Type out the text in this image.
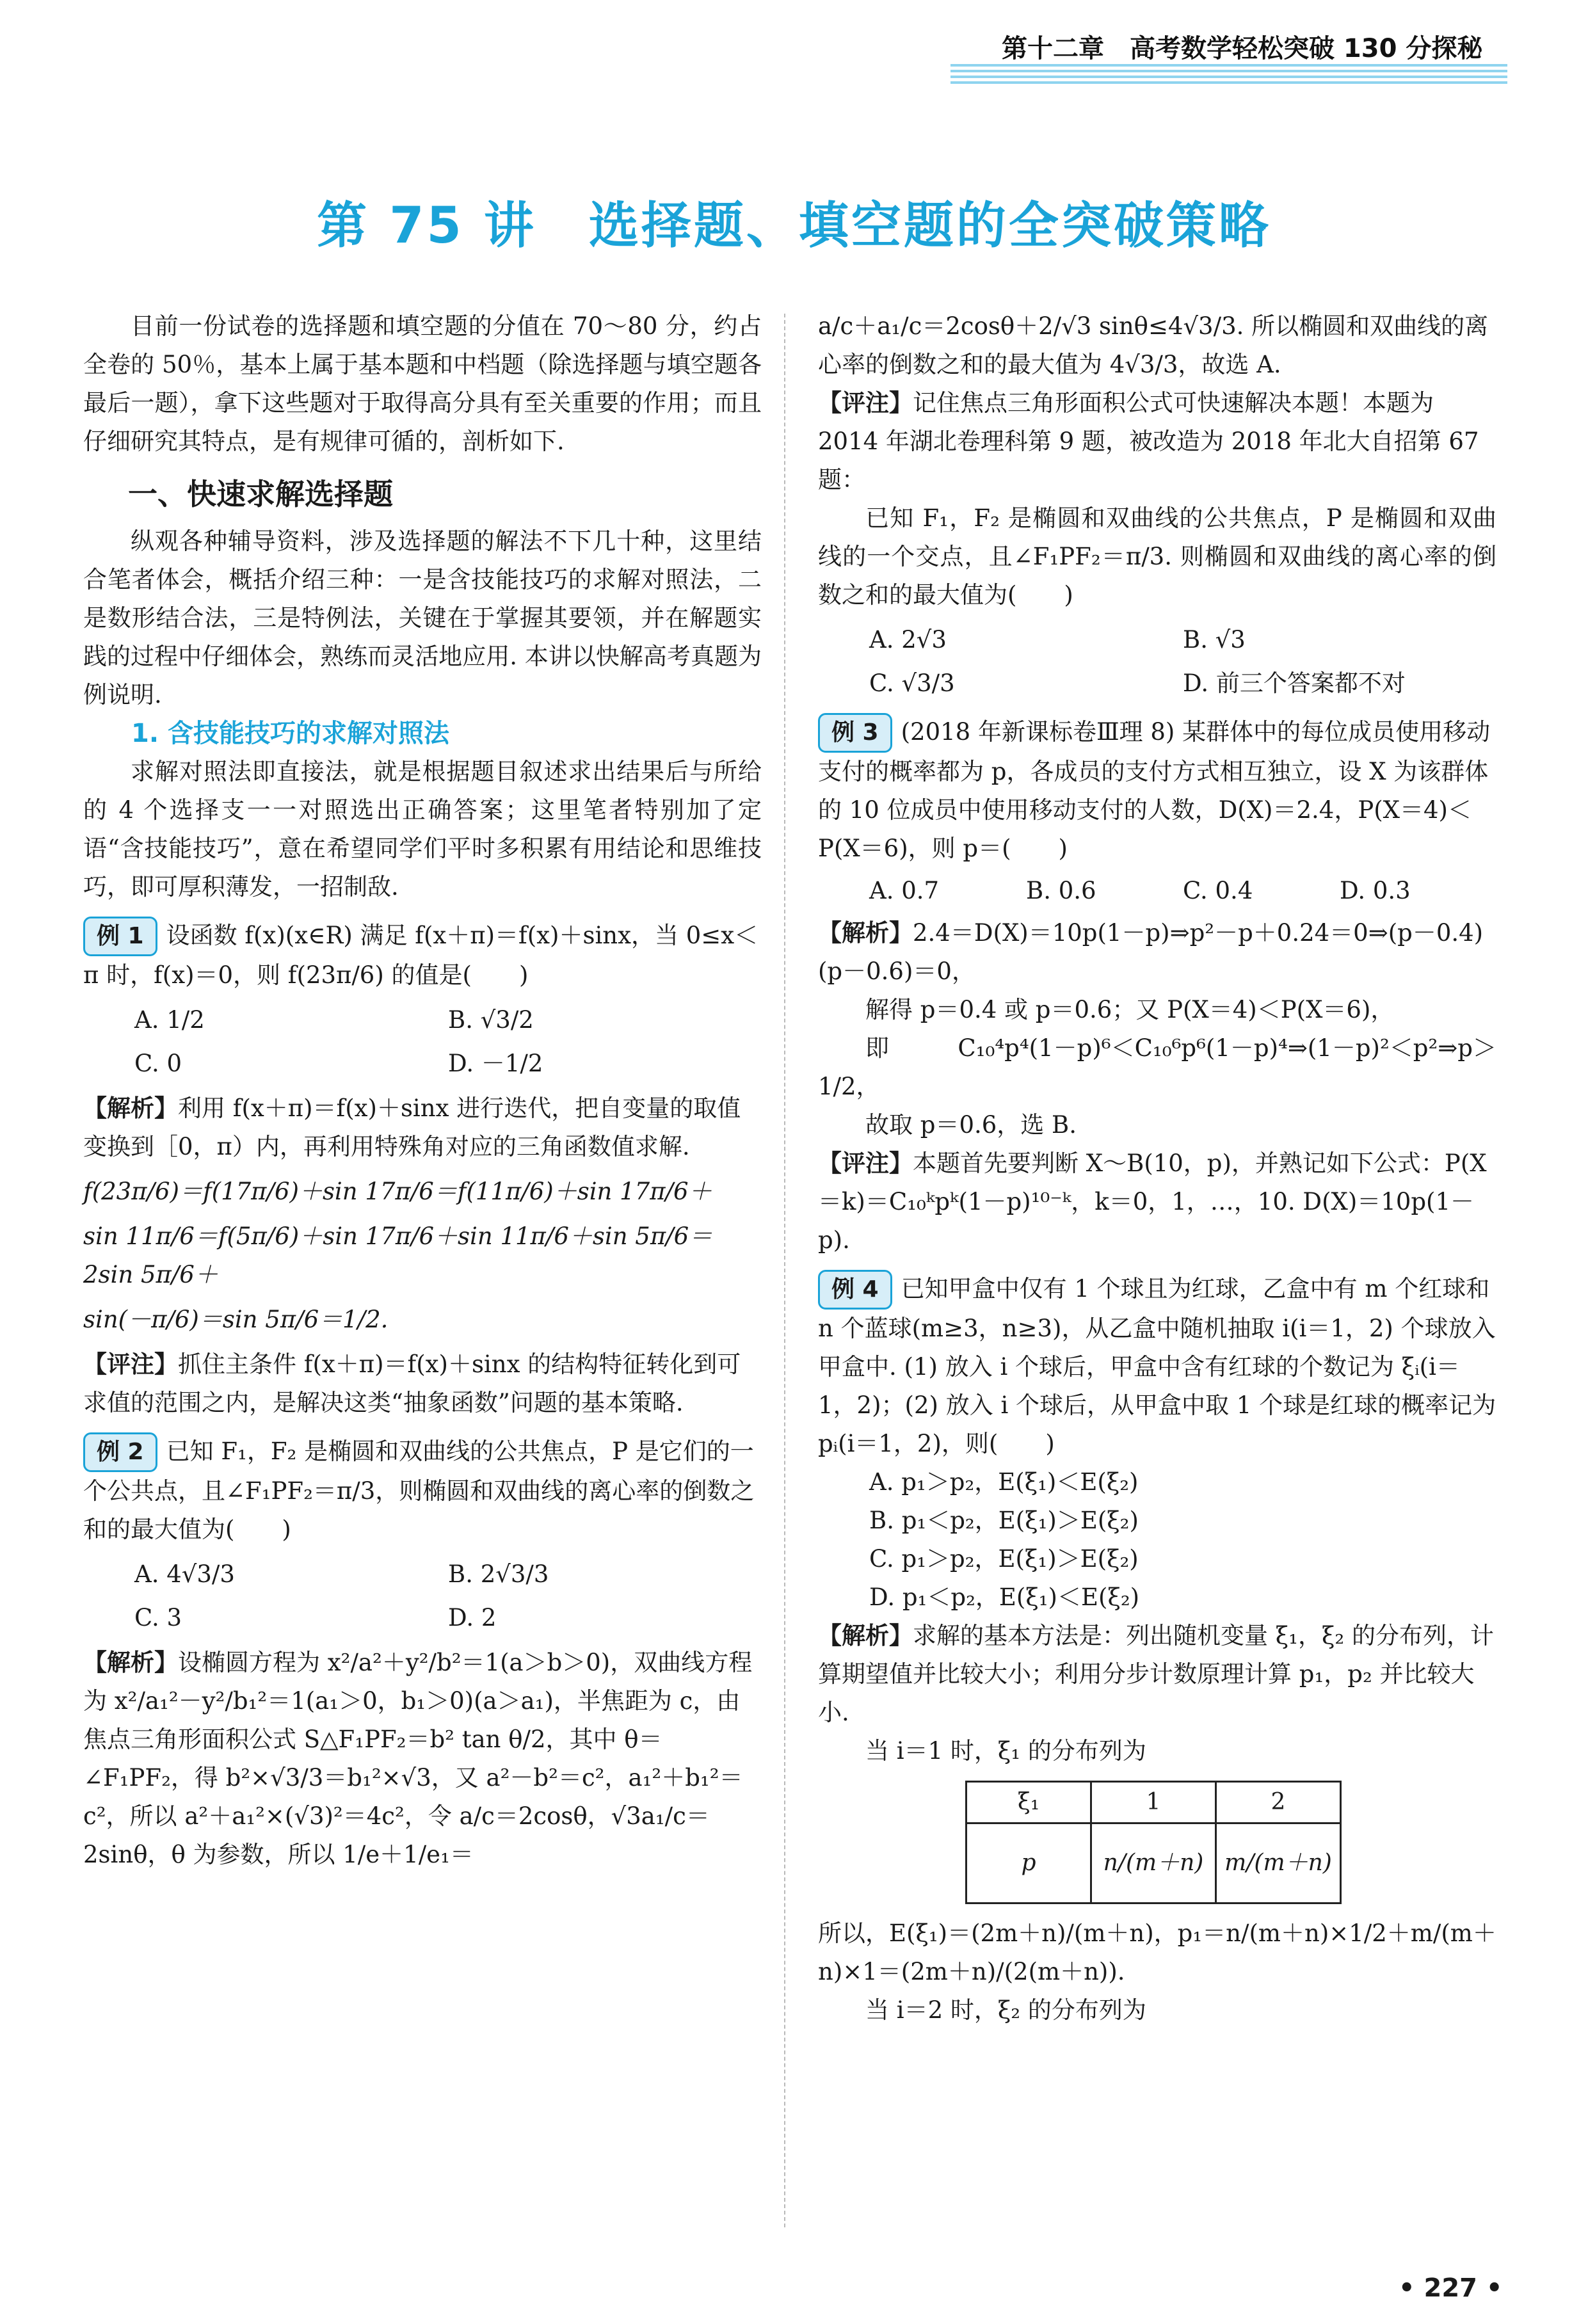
第十二章　高考数学轻松突破 130 分探秘
第 75 讲　选择题、填空题的全突破策略

目前一份试卷的选择题和填空题的分值在 70～80 分，约占全卷的 50％，基本上属于基本题和中档题（除选择题与填空题各最后一题），拿下这些题对于取得高分具有至关重要的作用；而且仔细研究其特点，是有规律可循的，剖析如下.

一、快速求解选择题

纵观各种辅导资料，涉及选择题的解法不下几十种，这里结合笔者体会，概括介绍三种：一是含技能技巧的求解对照法，二是数形结合法，三是特例法，关键在于掌握其要领，并在解题实践的过程中仔细体会，熟练而灵活地应用. 本讲以快解高考真题为例说明.

1. 含技能技巧的求解对照法

求解对照法即直接法，就是根据题目叙述求出结果后与所给的 4 个选择支一一对照选出正确答案；这里笔者特别加了定语“含技能技巧”，意在希望同学们平时多积累有用结论和思维技巧，即可厚积薄发，一招制敌.

例 1 设函数 f(x)(x∈R) 满足 f(x＋π)＝f(x)＋sinx，当 0≤x＜π 时，f(x)＝0，则 f(23π/6) 的值是(　　)
A. 1/2	B. √3/2
C. 0	D. －1/2

【解析】利用 f(x＋π)＝f(x)＋sinx 进行迭代，把自变量的取值变换到［0，π）内，再利用特殊角对应的三角函数值求解.

f(23π/6)＝f(17π/6)＋sin 17π/6＝f(11π/6)＋sin 17π/6＋

sin 11π/6＝f(5π/6)＋sin 17π/6＋sin 11π/6＋sin 5π/6＝2sin 5π/6＋

sin(－π/6)＝sin 5π/6＝1/2.

【评注】抓住主条件 f(x＋π)＝f(x)＋sinx 的结构特征转化到可求值的范围之内，是解决这类“抽象函数”问题的基本策略.

例 2 已知 F₁，F₂ 是椭圆和双曲线的公共焦点，P 是它们的一个公共点，且∠F₁PF₂＝π/3，则椭圆和双曲线的离心率的倒数之和的最大值为(　　)
A. 4√3/3	B. 2√3/3
C. 3	D. 2

【解析】设椭圆方程为 x²/a²＋y²/b²＝1(a＞b＞0)，双曲线方程为 x²/a₁²－y²/b₁²＝1(a₁＞0，b₁＞0)(a＞a₁)，半焦距为 c，由焦点三角形面积公式 S△F₁PF₂＝b² tan θ/2，其中 θ＝∠F₁PF₂，得 b²×√3/3＝b₁²×√3，又 a²－b²＝c²，a₁²＋b₁²＝c²，所以 a²＋a₁²×(√3)²＝4c²，令 a/c＝2cosθ，√3a₁/c＝2sinθ，θ 为参数，所以 1/e＋1/e₁＝

a/c＋a₁/c＝2cosθ＋2/√3 sinθ≤4√3/3. 所以椭圆和双曲线的离心率的倒数之和的最大值为 4√3/3，故选 A.

【评注】记住焦点三角形面积公式可快速解决本题！本题为 2014 年湖北卷理科第 9 题，被改造为 2018 年北大自招第 67 题：

已知 F₁，F₂ 是椭圆和双曲线的公共焦点，P 是椭圆和双曲线的一个交点，且∠F₁PF₂＝π/3. 则椭圆和双曲线的离心率的倒数之和的最大值为(　　)

A. 2√3	B. √3
C. √3/3	D. 前三个答案都不对
例 3 (2018 年新课标卷Ⅲ理 8) 某群体中的每位成员使用移动支付的概率都为 p，各成员的支付方式相互独立，设 X 为该群体的 10 位成员中使用移动支付的人数，D(X)＝2.4，P(X＝4)＜P(X＝6)，则 p＝(　　)
A. 0.7	B. 0.6	C. 0.4	D. 0.3

【解析】2.4＝D(X)＝10p(1－p)⇒p²－p＋0.24＝0⇒(p－0.4)(p－0.6)＝0，

解得 p＝0.4 或 p＝0.6；又 P(X＝4)＜P(X＝6)，

即 C₁₀⁴p⁴(1－p)⁶＜C₁₀⁶p⁶(1－p)⁴⇒(1－p)²＜p²⇒p＞1/2，

故取 p＝0.6，选 B.

【评注】本题首先要判断 X～B(10，p)，并熟记如下公式：P(X＝k)＝C₁₀ᵏpᵏ(1－p)¹⁰⁻ᵏ，k＝0，1，…，10. D(X)＝10p(1－p).

例 4 已知甲盒中仅有 1 个球且为红球，乙盒中有 m 个红球和 n 个蓝球(m≥3，n≥3)，从乙盒中随机抽取 i(i＝1，2) 个球放入甲盒中. (1) 放入 i 个球后，甲盒中含有红球的个数记为 ξᵢ(i＝1，2)；(2) 放入 i 个球后，从甲盒中取 1 个球是红球的概率记为 pᵢ(i＝1，2)，则(　　)
A. p₁＞p₂，E(ξ₁)＜E(ξ₂)
B. p₁＜p₂，E(ξ₁)＞E(ξ₂)
C. p₁＞p₂，E(ξ₁)＞E(ξ₂)
D. p₁＜p₂，E(ξ₁)＜E(ξ₂)

【解析】求解的基本方法是：列出随机变量 ξ₁，ξ₂ 的分布列，计算期望值并比较大小；利用分步计数原理计算 p₁，p₂ 并比较大小.

当 i＝1 时，ξ₁ 的分布列为

ξ₁	1	2
p	n/(m＋n)	m/(m＋n)

所以，E(ξ₁)＝(2m＋n)/(m＋n)，p₁＝n/(m＋n)×1/2＋m/(m＋n)×1＝(2m＋n)/(2(m＋n)).

当 i＝2 时，ξ₂ 的分布列为

• 227 •
